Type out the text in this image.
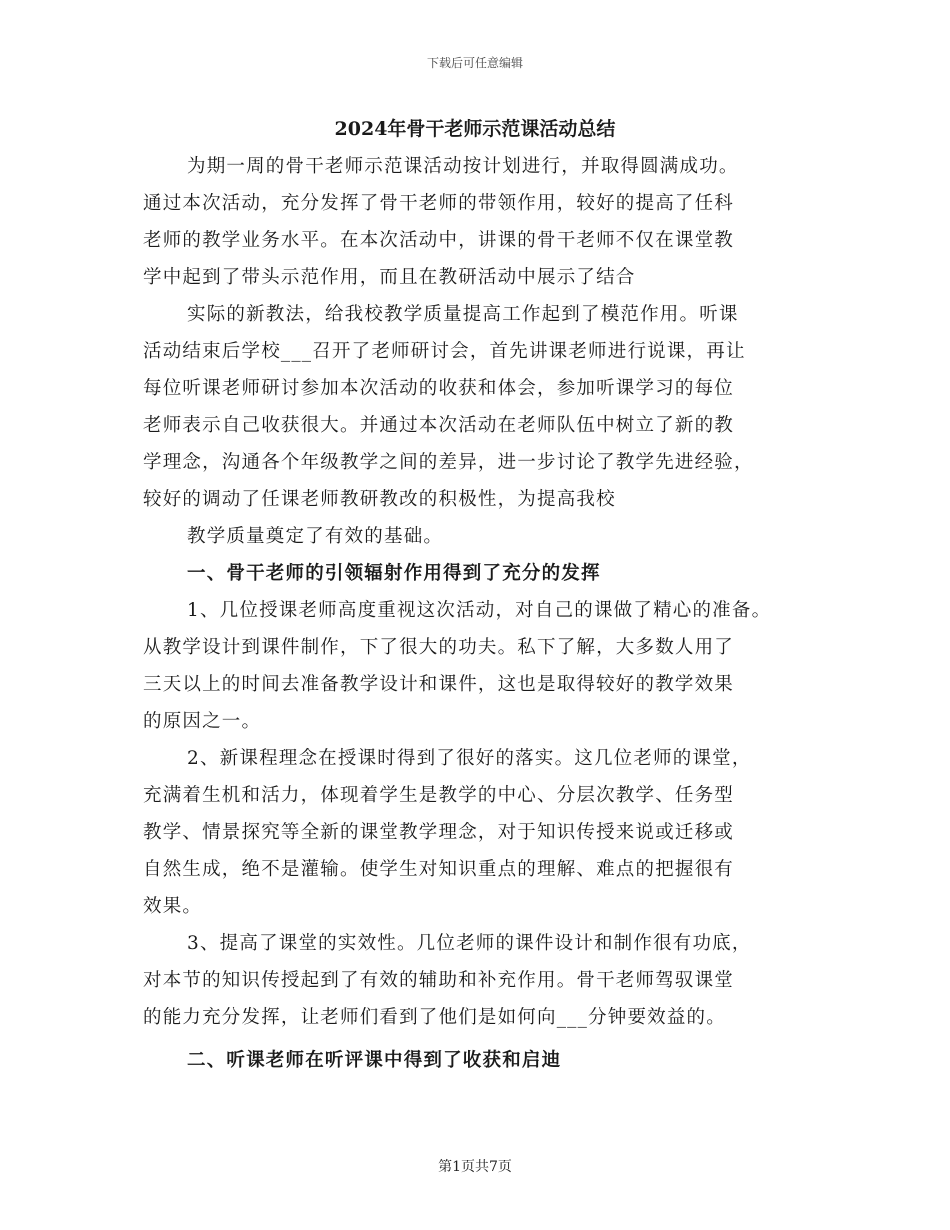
下载后可任意编辑
2024年骨干老师示范课活动总结
为期一周的骨干老师示范课活动按计划进行，并取得圆满成功。
通过本次活动，充分发挥了骨干老师的带领作用，较好的提高了任科
老师的教学业务水平。在本次活动中，讲课的骨干老师不仅在课堂教
学中起到了带头示范作用，而且在教研活动中展示了结合
实际的新教法，给我校教学质量提高工作起到了模范作用。听课
活动结束后学校___召开了老师研讨会，首先讲课老师进行说课，再让
每位听课老师研讨参加本次活动的收获和体会，参加听课学习的每位
老师表示自己收获很大。并通过本次活动在老师队伍中树立了新的教
学理念，沟通各个年级教学之间的差异，进一步讨论了教学先进经验，
较好的调动了任课老师教研教改的积极性，为提高我校
教学质量奠定了有效的基础。
一、骨干老师的引领辐射作用得到了充分的发挥
1、几位授课老师高度重视这次活动，对自己的课做了精心的准备。
从教学设计到课件制作，下了很大的功夫。私下了解，大多数人用了
三天以上的时间去准备教学设计和课件，这也是取得较好的教学效果
的原因之一。
2、新课程理念在授课时得到了很好的落实。这几位老师的课堂，
充满着生机和活力，体现着学生是教学的中心、分层次教学、任务型
教学、情景探究等全新的课堂教学理念，对于知识传授来说或迁移或
自然生成，绝不是灌输。使学生对知识重点的理解、难点的把握很有
效果。
3、提高了课堂的实效性。几位老师的课件设计和制作很有功底，
对本节的知识传授起到了有效的辅助和补充作用。骨干老师驾驭课堂
的能力充分发挥，让老师们看到了他们是如何向___分钟要效益的。
二、听课老师在听评课中得到了收获和启迪
第1页共7页
